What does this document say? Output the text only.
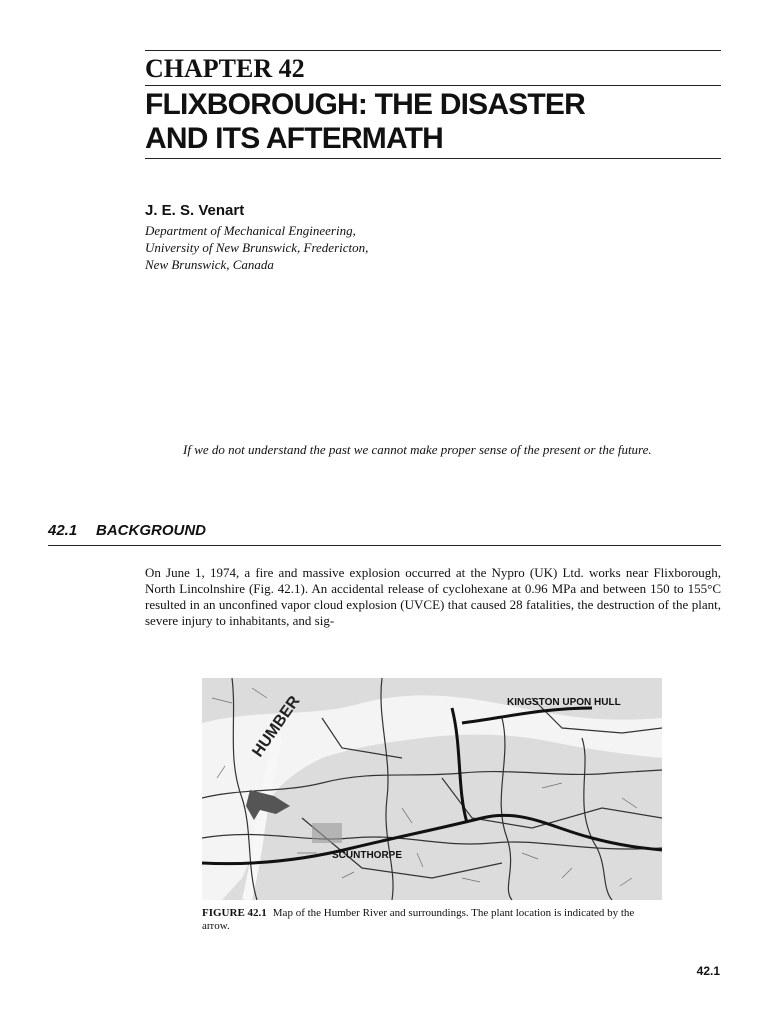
CHAPTER 42
FLIXBOROUGH: THE DISASTER
AND ITS AFTERMATH
J. E. S. Venart
Department of Mechanical Engineering,
University of New Brunswick, Fredericton,
New Brunswick, Canada
If we do not understand the past we cannot make proper sense of the present or the future.
42.1 BACKGROUND
On June 1, 1974, a fire and massive explosion occurred at the Nypro (UK) Ltd. works near Flixborough, North Lincolnshire (Fig. 42.1). An accidental release of cyclohexane at 0.96 MPa and between 150 to 155°C resulted in an unconfined vapor cloud explosion (UVCE) that caused 28 fatalities, the destruction of the plant, severe injury to inhabitants, and sig-
KINGSTON UPON HULL
HUMBER
SCUNTHORPE
FIGURE 42.1 Map of the Humber River and surroundings. The plant location is indicated by the arrow.
42.1
